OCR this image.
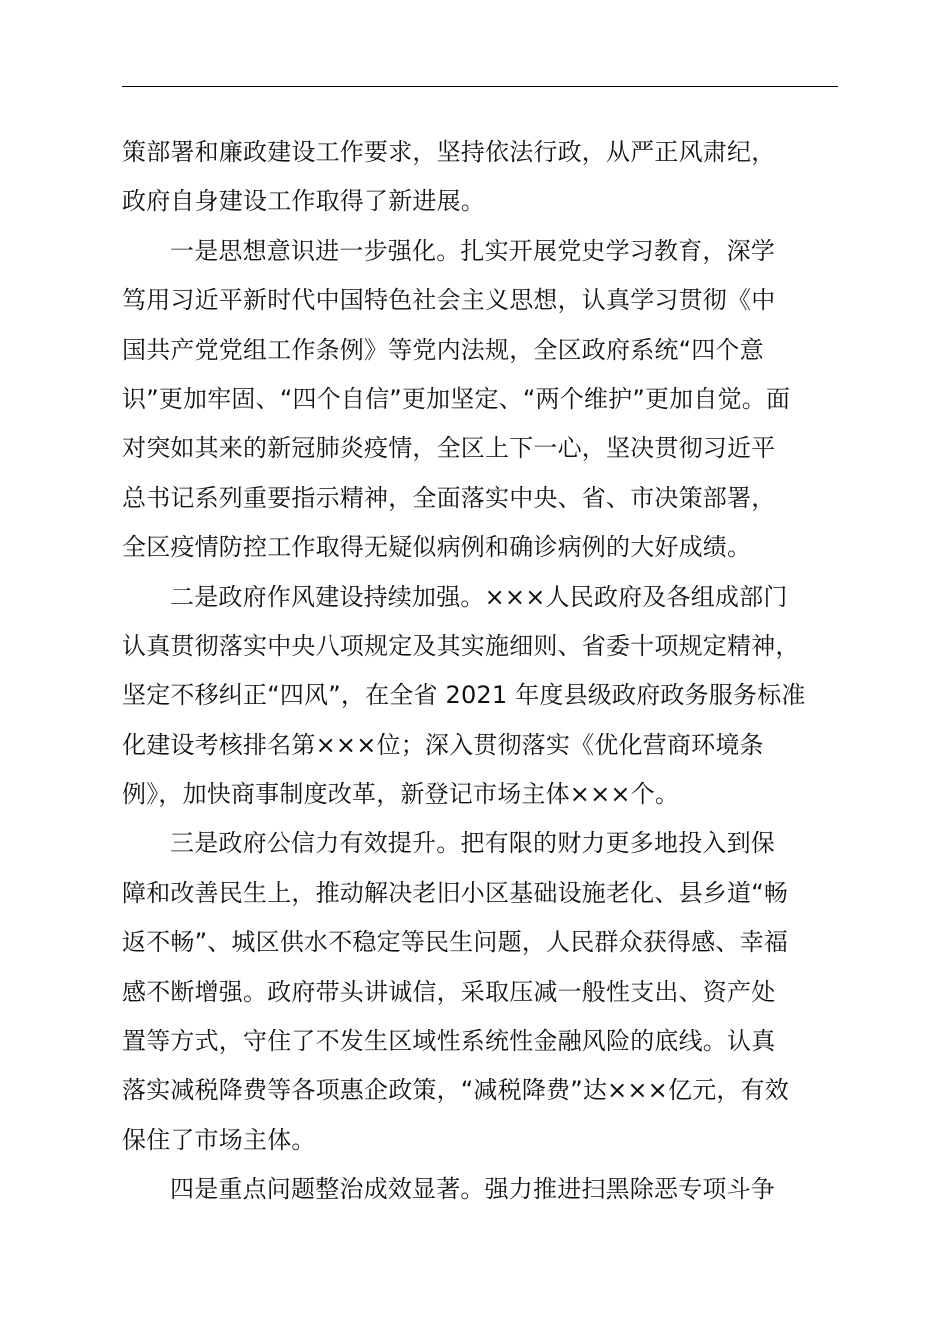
策部署和廉政建设工作要求，坚持依法行政，从严正风肃纪，
政府自身建设工作取得了新进展。
一是思想意识进一步强化。扎实开展党史学习教育，深学
笃用习近平新时代中国特色社会主义思想，认真学习贯彻《中
国共产党党组工作条例》等党内法规，全区政府系统“四个意
识”更加牢固、“四个自信”更加坚定、“两个维护”更加自觉。面
对突如其来的新冠肺炎疫情，全区上下一心，坚决贯彻习近平
总书记系列重要指示精神，全面落实中央、省、市决策部署，
全区疫情防控工作取得无疑似病例和确诊病例的大好成绩。
二是政府作风建设持续加强。×××人民政府及各组成部门
认真贯彻落实中央八项规定及其实施细则、省委十项规定精神，
坚定不移纠正“四风”，在全省 2021 年度县级政府政务服务标准
化建设考核排名第×××位；深入贯彻落实《优化营商环境条
例》，加快商事制度改革，新登记市场主体×××个。
三是政府公信力有效提升。把有限的财力更多地投入到保
障和改善民生上，推动解决老旧小区基础设施老化、县乡道“畅
返不畅”、城区供水不稳定等民生问题，人民群众获得感、幸福
感不断增强。政府带头讲诚信，采取压减一般性支出、资产处
置等方式，守住了不发生区域性系统性金融风险的底线。认真
落实减税降费等各项惠企政策，“减税降费”达×××亿元，有效
保住了市场主体。
四是重点问题整治成效显著。强力推进扫黑除恶专项斗争
